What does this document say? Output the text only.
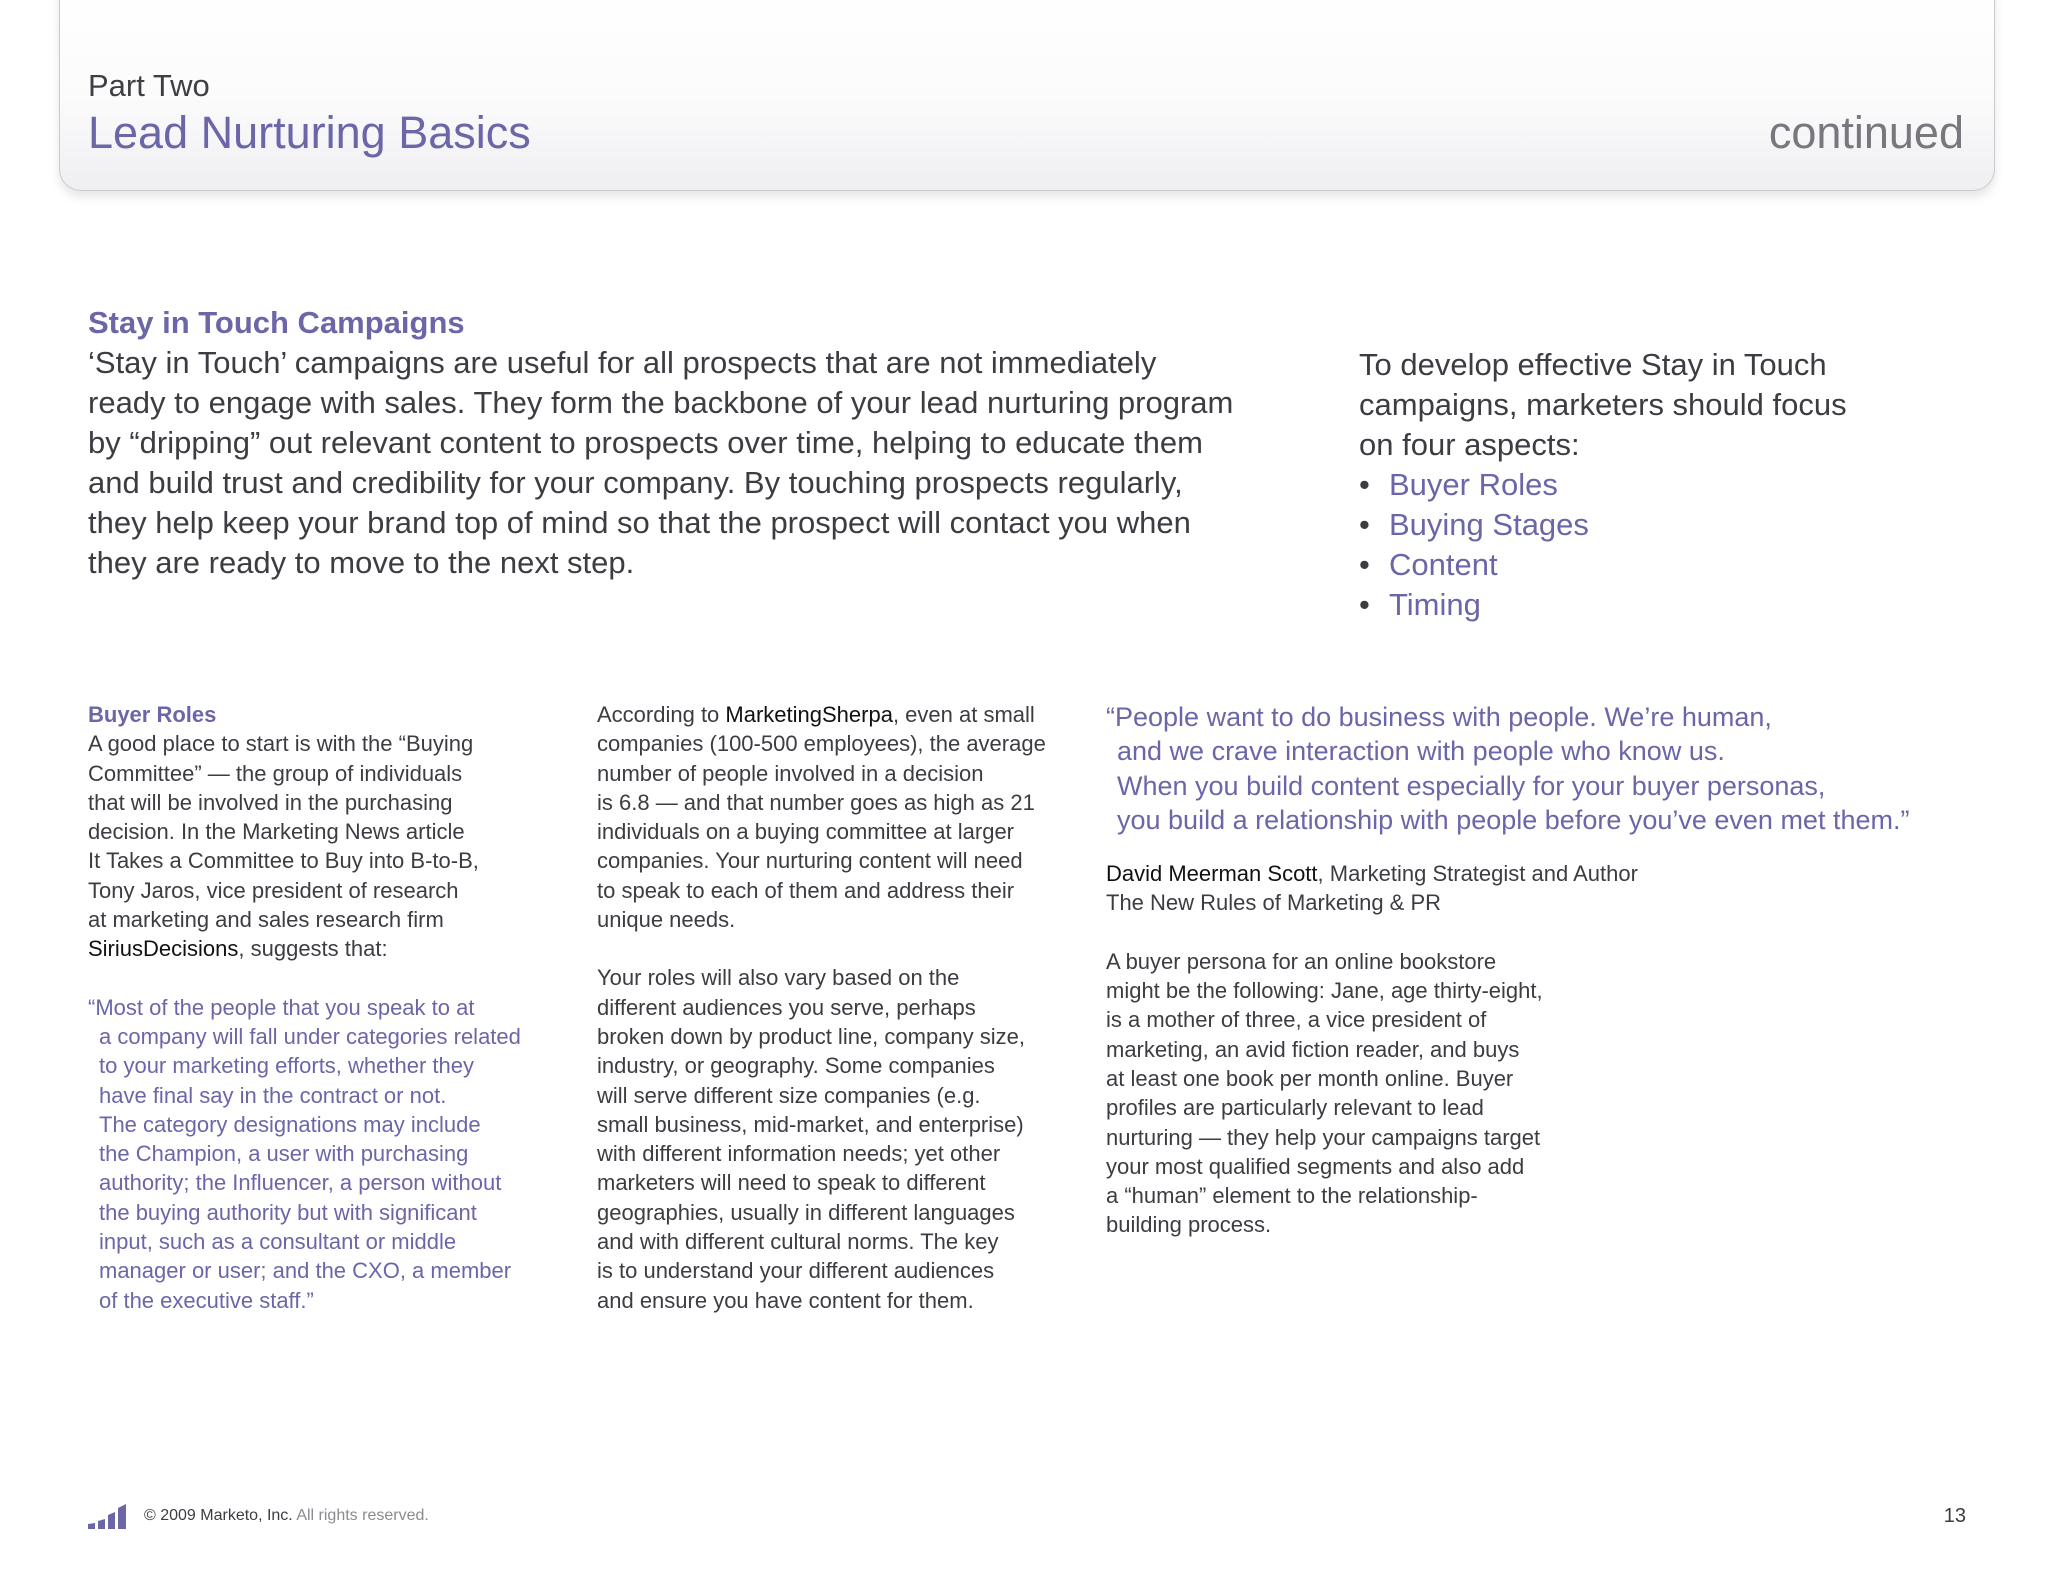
Part Two
Lead Nurturing Basics	continued
Stay in Touch Campaigns

‘Stay in Touch’ campaigns are useful for all prospects that are not immediately
ready to engage with sales. They form the backbone of your lead nurturing program
by “dripping” out relevant content to prospects over time, helping to educate them
and build trust and credibility for your company. By touching prospects regularly,
they help keep your brand top of mind so that the prospect will contact you when
they are ready to move to the next step.

To develop effective Stay in Touch
campaigns, marketers should focus
on four aspects:
• Buyer Roles
• Buying Stages
• Content
• Timing
Buyer Roles
A good place to start is with the “Buying
Committee” — the group of individuals
that will be involved in the purchasing
decision. In the Marketing News article
It Takes a Committee to Buy into B-to-B,
Tony Jaros, vice president of research
at marketing and sales research firm
SiriusDecisions, suggests that:
“Most of the people that you speak to at
a company will fall under categories related
to your marketing efforts, whether they
have final say in the contract or not.
The category designations may include
the Champion, a user with purchasing
authority; the Influencer, a person without
the buying authority but with significant
input, such as a consultant or middle
manager or user; and the CXO, a member
of the executive staff.”
According to MarketingSherpa, even at small
companies (100-500 employees), the average
number of people involved in a decision
is 6.8 — and that number goes as high as 21
individuals on a buying committee at larger
companies. Your nurturing content will need
to speak to each of them and address their
unique needs.
Your roles will also vary based on the
different audiences you serve, perhaps
broken down by product line, company size,
industry, or geography. Some companies
will serve different size companies (e.g.
small business, mid-market, and enterprise)
with different information needs; yet other
marketers will need to speak to different
geographies, usually in different languages
and with different cultural norms. The key
is to understand your different audiences
and ensure you have content for them.
“People want to do business with people. We’re human,
and we crave interaction with people who know us.
When you build content especially for your buyer personas,
you build a relationship with people before you’ve even met them.”
David Meerman Scott, Marketing Strategist and Author
The New Rules of Marketing & PR
A buyer persona for an online bookstore
might be the following: Jane, age thirty-eight,
is a mother of three, a vice president of
marketing, an avid fiction reader, and buys
at least one book per month online. Buyer
profiles are particularly relevant to lead
nurturing — they help your campaigns target
your most qualified segments and also add
a “human” element to the relationship-
building process.
© 2009 Marketo, Inc. All rights reserved.	13
